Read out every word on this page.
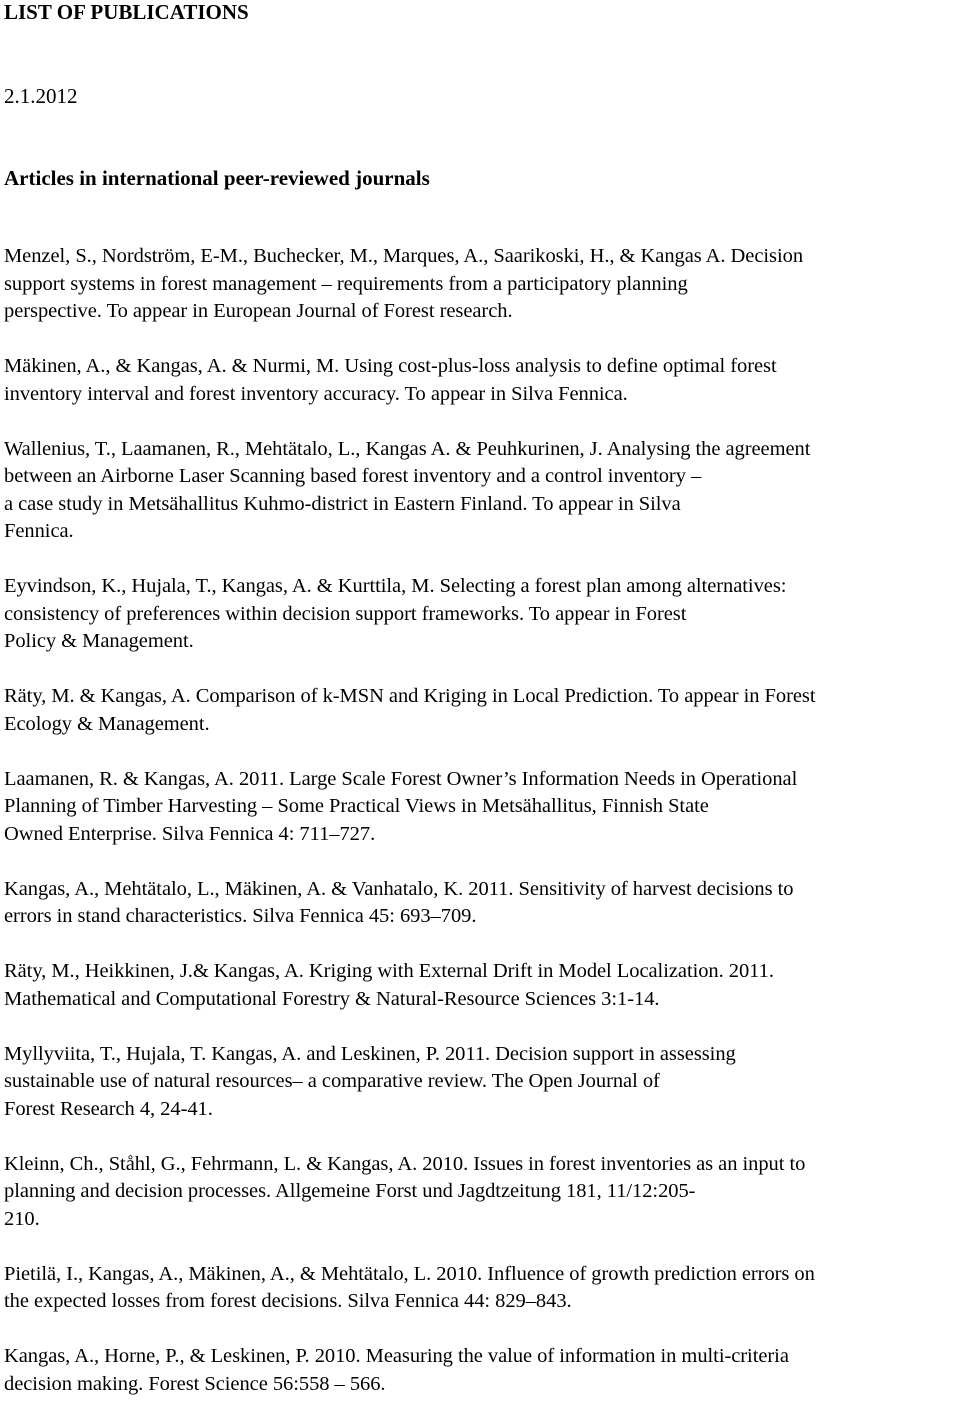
LIST OF PUBLICATIONS
2.1.2012
Articles in international peer-reviewed journals
Menzel, S., Nordström, E-M., Buchecker, M., Marques, A., Saarikoski, H., & Kangas A. Decision
support systems in forest management – requirements from a participatory planning
perspective. To appear in European Journal of Forest research.
Mäkinen, A., & Kangas, A. & Nurmi, M. Using cost-plus-loss analysis to define optimal forest
inventory interval and forest inventory accuracy. To appear in Silva Fennica.
Wallenius, T., Laamanen, R., Mehtätalo, L., Kangas A. & Peuhkurinen, J. Analysing the agreement
between an Airborne Laser Scanning based forest inventory and a control inventory –
a case study in Metsähallitus Kuhmo-district in Eastern Finland. To appear in Silva
Fennica.
Eyvindson, K., Hujala, T., Kangas, A. & Kurttila, M. Selecting a forest plan among alternatives:
consistency of preferences within decision support frameworks. To appear in Forest
Policy & Management.
Räty, M. & Kangas, A. Comparison of k-MSN and Kriging in Local Prediction. To appear in Forest
Ecology & Management.
Laamanen, R. & Kangas, A. 2011. Large Scale Forest Owner’s Information Needs in Operational
Planning of Timber Harvesting – Some Practical Views in Metsähallitus, Finnish State
Owned Enterprise. Silva Fennica 4: 711–727.
Kangas, A., Mehtätalo, L., Mäkinen, A. & Vanhatalo, K. 2011. Sensitivity of harvest decisions to
errors in stand characteristics. Silva Fennica 45: 693–709.
Räty, M., Heikkinen, J.& Kangas, A. Kriging with External Drift in Model Localization. 2011.
Mathematical and Computational Forestry & Natural-Resource Sciences 3:1-14.
Myllyviita, T., Hujala, T. Kangas, A. and Leskinen, P. 2011. Decision support in assessing
sustainable use of natural resources– a comparative review. The Open Journal of
Forest Research 4, 24-41.
Kleinn, Ch., Ståhl, G., Fehrmann, L. & Kangas, A. 2010. Issues in forest inventories as an input to
planning and decision processes. Allgemeine Forst und Jagdtzeitung 181, 11/12:205-
210.
Pietilä, I., Kangas, A., Mäkinen, A., & Mehtätalo, L. 2010. Influence of growth prediction errors on
the expected losses from forest decisions. Silva Fennica 44: 829–843.
Kangas, A., Horne, P., & Leskinen, P. 2010. Measuring the value of information in multi-criteria
decision making. Forest Science 56:558 – 566.
